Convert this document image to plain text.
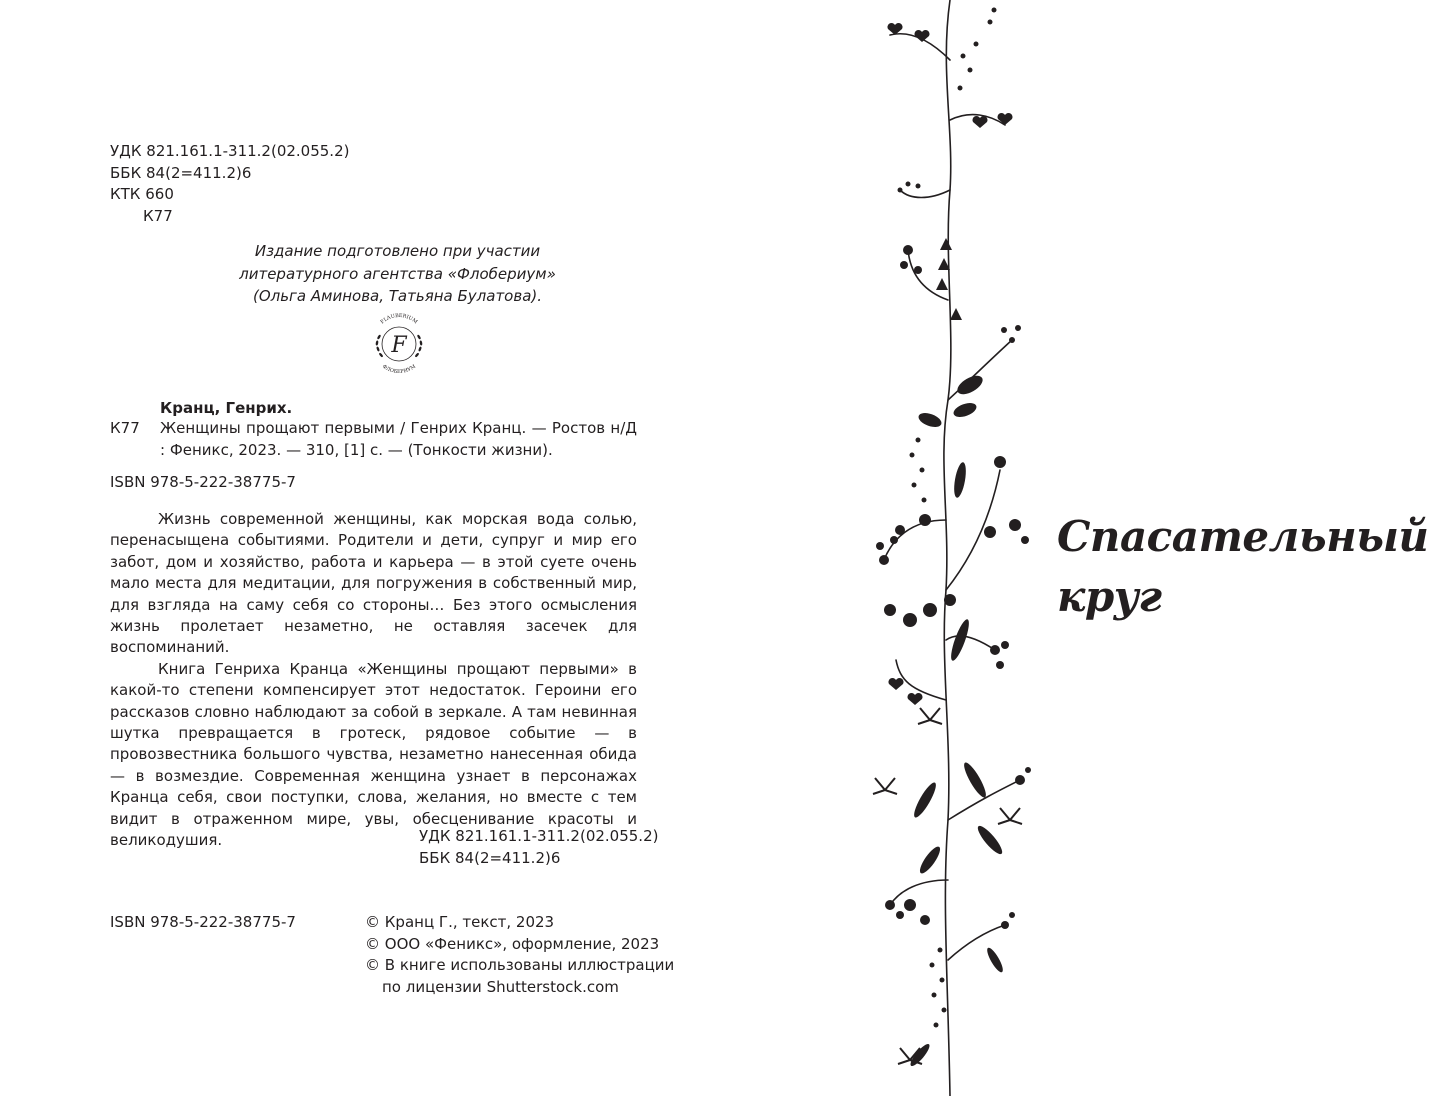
УДК 821.161.1-311.2(02.055.2)
ББК 84(2=411.2)6
КТК 660
К77
Издание подготовлено при участии
литературного агентства «Флобериум»
(Ольга Аминова, Татьяна Булатова).
F
FLAUBERIUM
ФЛОБЕРИУМ
Кранц, Генрих.
К77 Женщины прощают первыми / Генрих Кранц. — Ростов н/Д : Феникс, 2023. — 310, [1] с. — (Тонкости жизни).
ISBN 978-5-222-38775-7

Жизнь современной женщины, как морская вода солью, перенасыщена событиями. Родители и дети, супруг и мир его забот, дом и хозяйство, работа и карьера — в этой суете очень мало места для медитации, для погружения в собственный мир, для взгляда на саму себя со стороны… Без этого осмысления жизнь пролетает незаметно, не оставляя засечек для воспоминаний.

Книга Генриха Кранца «Женщины прощают первыми» в какой-то степени компенсирует этот недостаток. Героини его рассказов словно наблюдают за собой в зеркале. А там невинная шутка превращается в гротеск, рядовое событие — в провозвестника большого чувства, незаметно нанесенная обида — в возмездие. Современная женщина узнает в персонажах Кранца себя, свои поступки, слова, желания, но вместе с тем видит в отраженном мире, увы, обесценивание красоты и великодушия.	УДК 821.161.1-311.2(02.055.2)
ББК 84(2=411.2)6
ISBN 978-5-222-38775-7	© Кранц Г., текст, 2023
© ООО «Феникс», оформление, 2023
© В книге использованы иллюстрации
по лицензии Shutterstock.com
Спасательный
круг
